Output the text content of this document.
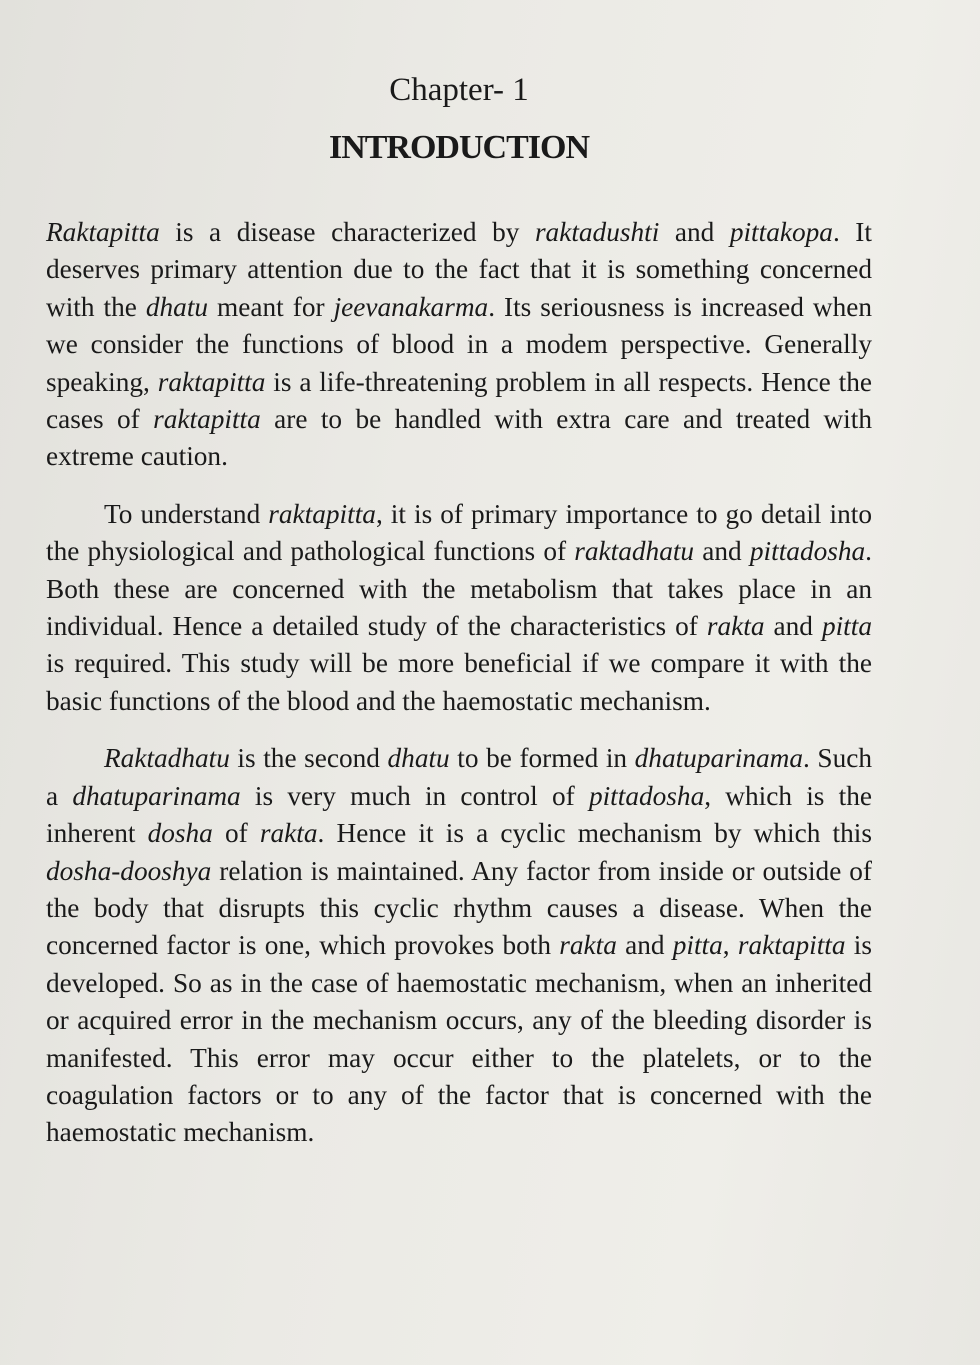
Chapter- 1
INTRODUCTION

Raktapitta is a disease characterized by raktadushti and pittakopa. It deserves primary attention due to the fact that it is something concerned with the dhatu meant for jeevanakarma. Its seriousness is increased when we consider the functions of blood in a modem perspective. Generally speaking, raktapitta is a life-threatening problem in all respects. Hence the cases of raktapitta are to be handled with extra care and treated with extreme caution.

To understand raktapitta, it is of primary importance to go detail into the physiological and pathological functions of raktadhatu and pittadosha. Both these are concerned with the metabolism that takes place in an individual. Hence a detailed study of the characteristics of rakta and pitta is required. This study will be more beneficial if we compare it with the basic functions of the blood and the haemostatic mechanism.

Raktadhatu is the second dhatu to be formed in dhatuparinama. Such a dhatuparinama is very much in control of pittadosha, which is the inherent dosha of rakta. Hence it is a cyclic mechanism by which this dosha-dooshya relation is maintained. Any factor from inside or outside of the body that disrupts this cyclic rhythm causes a disease. When the concerned factor is one, which provokes both rakta and pitta, raktapitta is developed. So as in the case of haemostatic mechanism, when an inherited or acquired error in the mechanism occurs, any of the bleeding disorder is manifested. This error may occur either to the platelets, or to the coagulation factors or to any of the factor that is concerned with the haemostatic mechanism.
